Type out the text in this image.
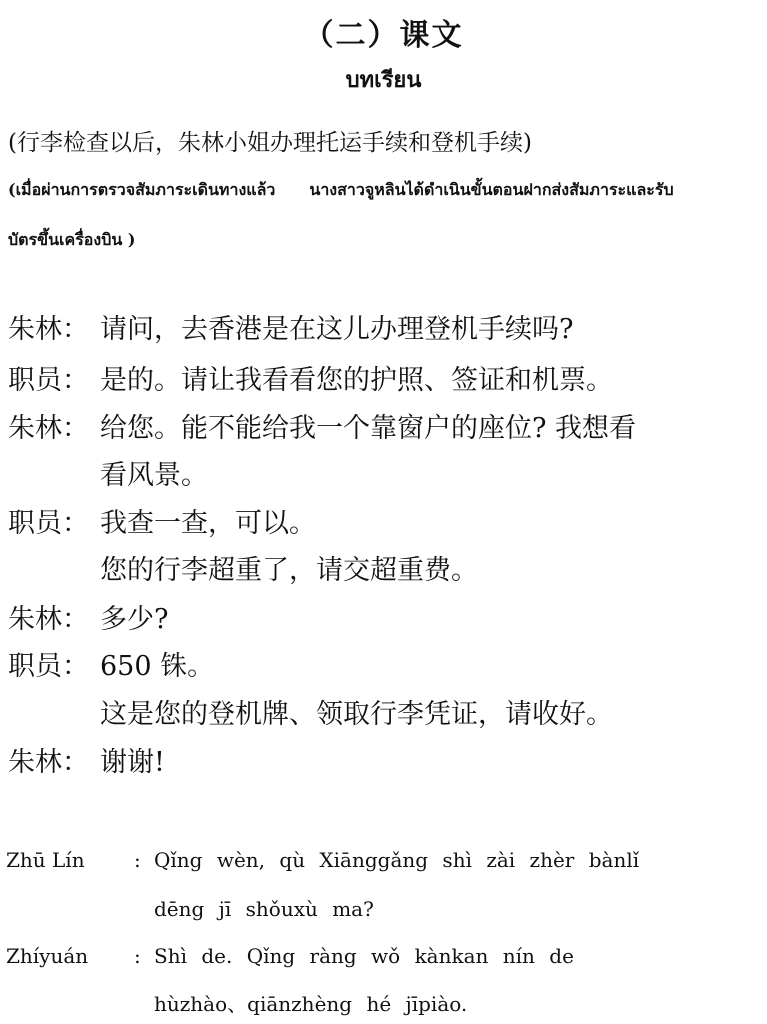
（二）课文
บทเรียน
(行李检查以后，朱林小姐办理托运手续和登机手续)
(เมื่อผ่านการตรวจสัมภาระเดินทางแล้ว นางสาวจูหลินได้ดำเนินขั้นตอนฝากส่งสัมภาระและรับ
บัตรขึ้นเครื่องบิน )
朱林： 请问，去香港是在这儿办理登机手续吗?
职员： 是的。请让我看看您的护照、签证和机票。
朱林： 给您。能不能给我一个靠窗户的座位? 我想看
看风景。
职员： 我查一查，可以。
您的行李超重了，请交超重费。
朱林： 多少?
职员： 650 铢。
这是您的登机牌、领取行李凭证，请收好。
朱林： 谢谢!
Zhū Lín : Qǐng wèn, qù Xiānggǎng shì zài zhèr bànlǐ
dēng jī shǒuxù ma?
Zhíyuán : Shì de. Qǐng ràng wǒ kànkan nín de
hùzhào、qiānzhèng hé jīpiào.
